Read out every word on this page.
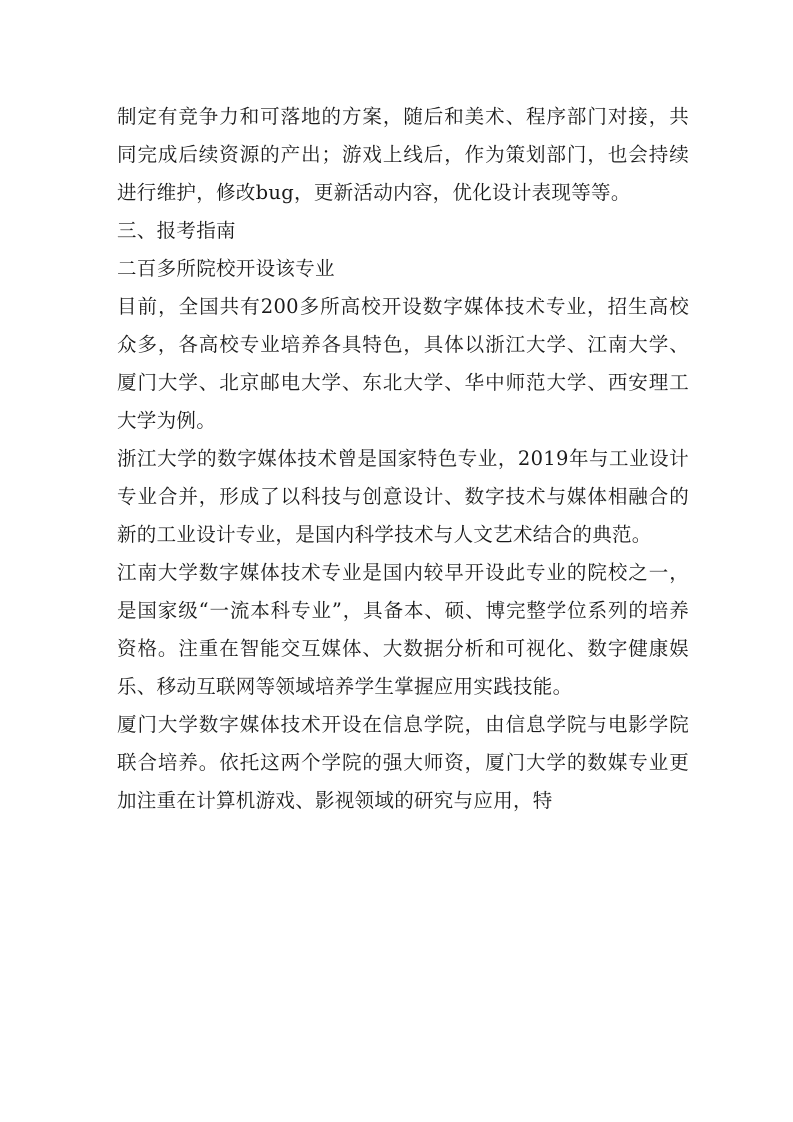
制定有竞争力和可落地的方案，随后和美术、程序部门对接，共同完成后续资源的产出；游戏上线后，作为策划部门，也会持续进行维护，修改bug，更新活动内容，优化设计表现等等。

三、报考指南

二百多所院校开设该专业

目前，全国共有200多所高校开设数字媒体技术专业，招生高校众多，各高校专业培养各具特色，具体以浙江大学、江南大学、厦门大学、北京邮电大学、东北大学、华中师范大学、西安理工大学为例。

浙江大学的数字媒体技术曾是国家特色专业，2019年与工业设计专业合并，形成了以科技与创意设计、数字技术与媒体相融合的新的工业设计专业，是国内科学技术与人文艺术结合的典范。

江南大学数字媒体技术专业是国内较早开设此专业的院校之一，是国家级“一流本科专业”，具备本、硕、博完整学位系列的培养资格。注重在智能交互媒体、大数据分析和可视化、数字健康娱乐、移动互联网等领域培养学生掌握应用实践技能。

厦门大学数字媒体技术开设在信息学院，由信息学院与电影学院联合培养。依托这两个学院的强大师资，厦门大学的数媒专业更加注重在计算机游戏、影视领域的研究与应用，特
